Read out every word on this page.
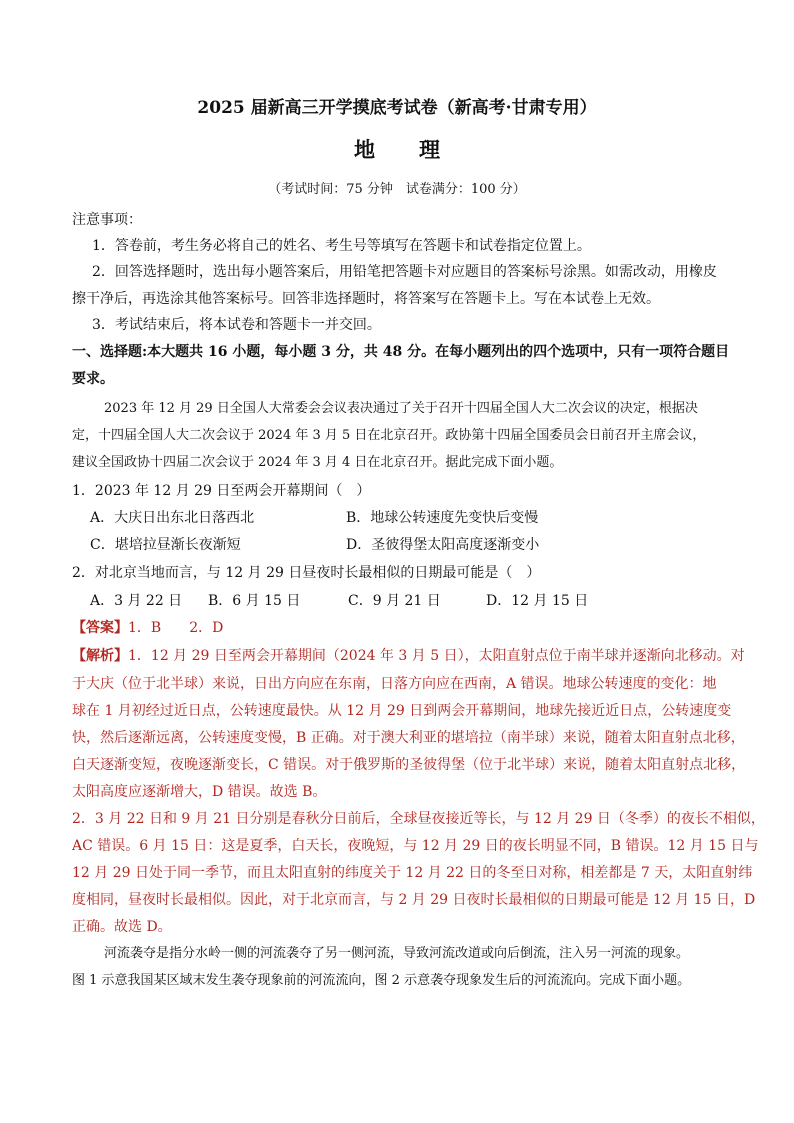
2025 届新高三开学摸底考试卷（新高考·甘肃专用）
地理
（考试时间：75 分钟　试卷满分：100 分）
注意事项：
1．答卷前，考生务必将自己的姓名、考生号等填写在答题卡和试卷指定位置上。
2．回答选择题时，选出每小题答案后，用铅笔把答题卡对应题目的答案标号涂黑。如需改动，用橡皮
擦干净后，再选涂其他答案标号。回答非选择题时，将答案写在答题卡上。写在本试卷上无效。
3．考试结束后，将本试卷和答题卡一并交回。
一、选择题:本大题共 16 小题，每小题 3 分，共 48 分。在每小题列出的四个选项中，只有一项符合题目
要求。
2023 年 12 月 29 日全国人大常委会会议表决通过了关于召开十四届全国人大二次会议的决定，根据决
定，十四届全国人大二次会议于 2024 年 3 月 5 日在北京召开。政协第十四届全国委员会日前召开主席会议，
建议全国政协十四届二次会议于 2024 年 3 月 4 日在北京召开。据此完成下面小题。
1．2023 年 12 月 29 日至两会开幕期间（　）
A．大庆日出东北日落西北	B．地球公转速度先变快后变慢
C．堪培拉昼渐长夜渐短	D．圣彼得堡太阳高度逐渐变小
2．对北京当地而言，与 12 月 29 日昼夜时长最相似的日期最可能是（　）
A．3 月 22 日 B．6 月 15 日	C．9 月 21 日	D．12 月 15 日
【答案】1．B　　2．D
【解析】1．12 月 29 日至两会开幕期间（2024 年 3 月 5 日），太阳直射点位于南半球并逐渐向北移动。对
于大庆（位于北半球）来说，日出方向应在东南，日落方向应在西南，A 错误。地球公转速度的变化：地
球在 1 月初经过近日点，公转速度最快。从 12 月 29 日到两会开幕期间，地球先接近近日点，公转速度变
快，然后逐渐远离，公转速度变慢，B 正确。对于澳大利亚的堪培拉（南半球）来说，随着太阳直射点北移，
白天逐渐变短，夜晚逐渐变长，C 错误。对于俄罗斯的圣彼得堡（位于北半球）来说，随着太阳直射点北移，
太阳高度应逐渐增大，D 错误。故选 B。
2．3 月 22 日和 9 月 21 日分别是春秋分日前后，全球昼夜接近等长，与 12 月 29 日（冬季）的夜长不相似，
AC 错误。6 月 15 日：这是夏季，白天长，夜晚短，与 12 月 29 日的夜长明显不同，B 错误。12 月 15 日与
12 月 29 日处于同一季节，而且太阳直射的纬度关于 12 月 22 日的冬至日对称，相差都是 7 天，太阳直射纬
度相同，昼夜时长最相似。因此，对于北京而言，与 2 月 29 日夜时长最相似的日期最可能是 12 月 15 日，D
正确。故选 D。
河流袭夺是指分水岭一侧的河流袭夺了另一侧河流，导致河流改道或向后倒流，注入另一河流的现象。
图 1 示意我国某区域末发生袭夺现象前的河流流向，图 2 示意袭夺现象发生后的河流流向。完成下面小题。
